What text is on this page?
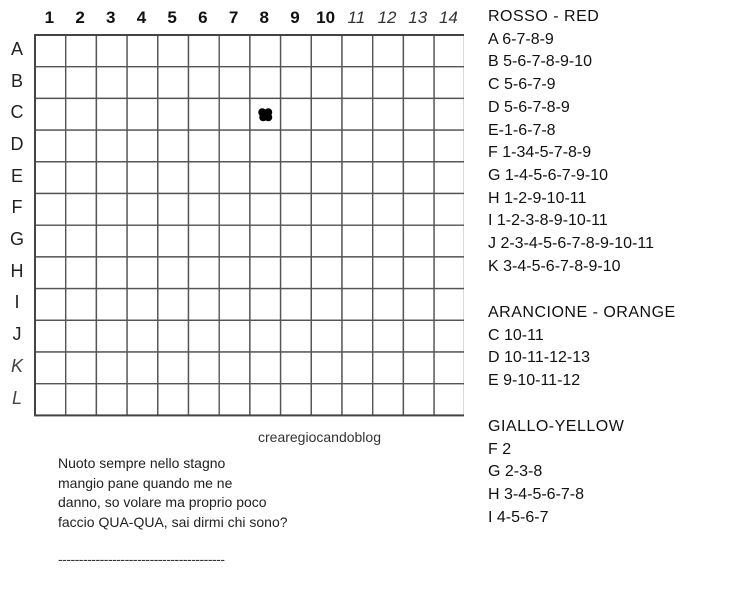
1	2	3	4	5	6	7	8	9 10 11 12 13 14
A
B
C
D
E
F
G
H
I
J
K
L
ROSSO - RED
A 6-7-8-9
B 5-6-7-8-9-10
C 5-6-7-9
D 5-6-7-8-9
E-1-6-7-8
F 1-34-5-7-8-9
G 1-4-5-6-7-9-10
H 1-2-9-10-11
I 1-2-3-8-9-10-11
J 2-3-4-5-6-7-8-9-10-11
K 3-4-5-6-7-8-9-10
ARANCIONE - ORANGE
C 10-11
D 10-11-12-13
E 9-10-11-12
GIALLO-YELLOW
F 2
G 2-3-8
H 3-4-5-6-7-8
I 4-5-6-7
crearegiocandoblog
Nuoto sempre nello stagno
mangio pane quando me ne
danno, so volare ma proprio poco
faccio QUA-QUA, sai dirmi chi sono?
----------------------------------------
